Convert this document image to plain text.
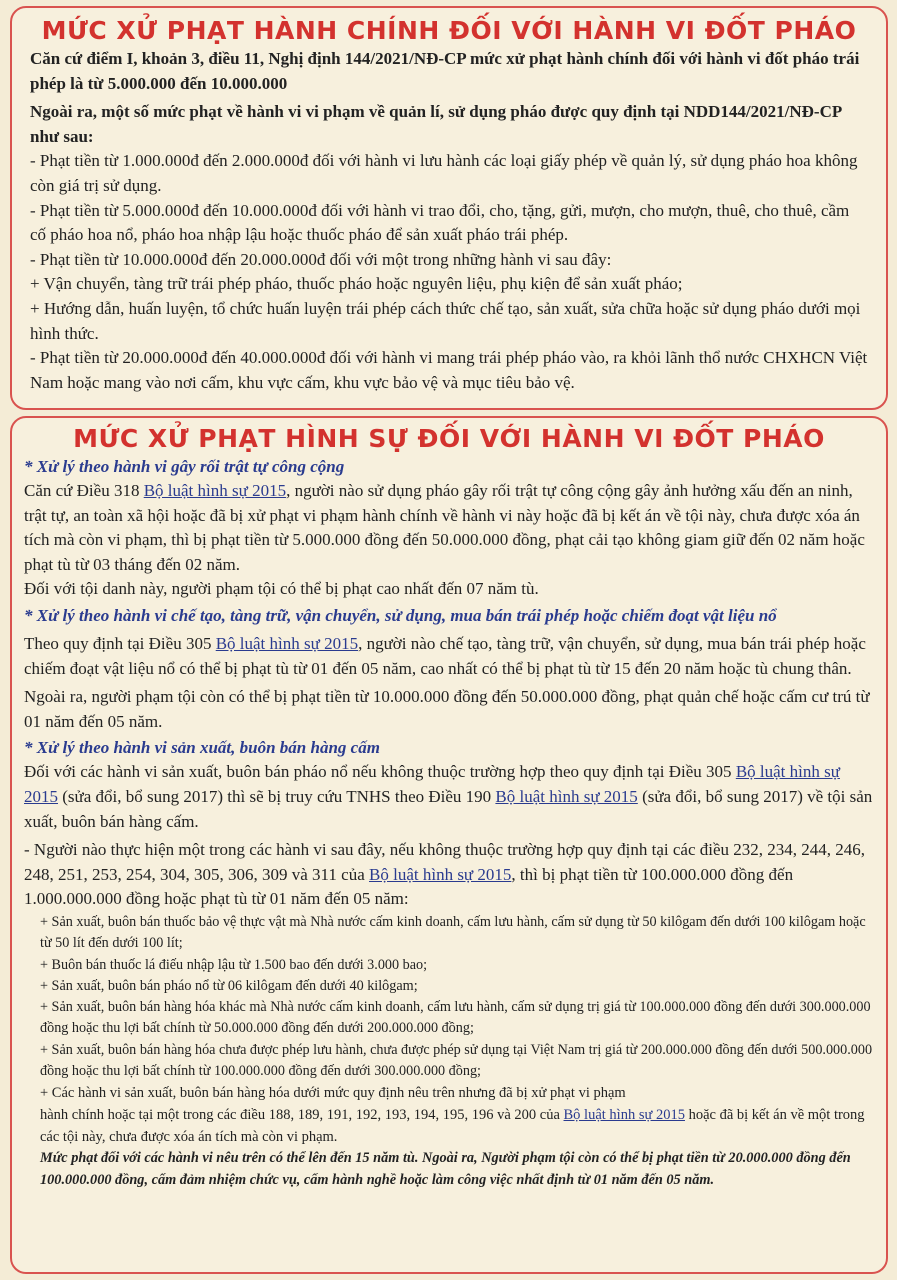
MỨC XỬ PHẠT HÀNH CHÍNH ĐỐI VỚI HÀNH VI ĐỐT PHÁO

Căn cứ điểm I, khoản 3, điều 11, Nghị định 144/2021/NĐ-CP mức xử phạt hành chính đối với hành vi đốt pháo trái phép là từ 5.000.000 đến 10.000.000

Ngoài ra, một số mức phạt về hành vi vi phạm về quản lí, sử dụng pháo được quy định tại NDD144/2021/NĐ-CP như sau:

- Phạt tiền từ 1.000.000đ đến 2.000.000đ đối với hành vi lưu hành các loại giấy phép về quản lý, sử dụng pháo hoa không còn giá trị sử dụng.

- Phạt tiền từ 5.000.000đ đến 10.000.000đ đối với hành vi trao đổi, cho, tặng, gửi, mượn, cho mượn, thuê, cho thuê, cầm cố pháo hoa nổ, pháo hoa nhập lậu hoặc thuốc pháo để sản xuất pháo trái phép.

- Phạt tiền từ 10.000.000đ đến 20.000.000đ đối với một trong những hành vi sau đây:

+ Vận chuyển, tàng trữ trái phép pháo, thuốc pháo hoặc nguyên liệu, phụ kiện để sản xuất pháo;

+ Hướng dẫn, huấn luyện, tổ chức huấn luyện trái phép cách thức chế tạo, sản xuất, sửa chữa hoặc sử dụng pháo dưới mọi hình thức.

- Phạt tiền từ 20.000.000đ đến 40.000.000đ đối với hành vi mang trái phép pháo vào, ra khỏi lãnh thổ nước CHXHCN Việt Nam hoặc mang vào nơi cấm, khu vực cấm, khu vực bảo vệ và mục tiêu bảo vệ.

MỨC XỬ PHẠT HÌNH SỰ ĐỐI VỚI HÀNH VI ĐỐT PHÁO

* Xử lý theo hành vi gây rối trật tự công cộng

Căn cứ Điều 318 Bộ luật hình sự 2015, người nào sử dụng pháo gây rối trật tự công cộng gây ảnh hưởng xấu đến an ninh, trật tự, an toàn xã hội hoặc đã bị xử phạt vi phạm hành chính về hành vi này hoặc đã bị kết án về tội này, chưa được xóa án tích mà còn vi phạm, thì bị phạt tiền từ 5.000.000 đồng đến 50.000.000 đồng, phạt cải tạo không giam giữ đến 02 năm hoặc phạt tù từ 03 tháng đến 02 năm.

Đối với tội danh này, người phạm tội có thể bị phạt cao nhất đến 07 năm tù.

* Xử lý theo hành vi chế tạo, tàng trữ, vận chuyển, sử dụng, mua bán trái phép hoặc chiếm đoạt vật liệu nổ

Theo quy định tại Điều 305 Bộ luật hình sự 2015, người nào chế tạo, tàng trữ, vận chuyển, sử dụng, mua bán trái phép hoặc chiếm đoạt vật liệu nổ có thể bị phạt tù từ 01 đến 05 năm, cao nhất có thể bị phạt tù từ 15 đến 20 năm hoặc tù chung thân.

Ngoài ra, người phạm tội còn có thể bị phạt tiền từ 10.000.000 đồng đến 50.000.000 đồng, phạt quản chế hoặc cấm cư trú từ 01 năm đến 05 năm.

* Xử lý theo hành vi sản xuất, buôn bán hàng cấm

Đối với các hành vi sản xuất, buôn bán pháo nổ nếu không thuộc trường hợp theo quy định tại Điều 305 Bộ luật hình sự 2015 (sửa đổi, bổ sung 2017) thì sẽ bị truy cứu TNHS theo Điều 190 Bộ luật hình sự 2015 (sửa đổi, bổ sung 2017) về tội sản xuất, buôn bán hàng cấm.

- Người nào thực hiện một trong các hành vi sau đây, nếu không thuộc trường hợp quy định tại các điều 232, 234, 244, 246, 248, 251, 253, 254, 304, 305, 306, 309 và 311 của Bộ luật hình sự 2015, thì bị phạt tiền từ 100.000.000 đồng đến 1.000.000.000 đồng hoặc phạt tù từ 01 năm đến 05 năm:

+ Sản xuất, buôn bán thuốc bảo vệ thực vật mà Nhà nước cấm kinh doanh, cấm lưu hành, cấm sử dụng từ 50 kilôgam đến dưới 100 kilôgam hoặc từ 50 lít đến dưới 100 lít;

+ Buôn bán thuốc lá điếu nhập lậu từ 1.500 bao đến dưới 3.000 bao;

+ Sản xuất, buôn bán pháo nổ từ 06 kilôgam đến dưới 40 kilôgam;

+ Sản xuất, buôn bán hàng hóa khác mà Nhà nước cấm kinh doanh, cấm lưu hành, cấm sử dụng trị giá từ 100.000.000 đồng đến dưới 300.000.000 đồng hoặc thu lợi bất chính từ 50.000.000 đồng đến dưới 200.000.000 đồng;

+ Sản xuất, buôn bán hàng hóa chưa được phép lưu hành, chưa được phép sử dụng tại Việt Nam trị giá từ 200.000.000 đồng đến dưới 500.000.000 đồng hoặc thu lợi bất chính từ 100.000.000 đồng đến dưới 300.000.000 đồng;

+ Các hành vi sản xuất, buôn bán hàng hóa dưới mức quy định nêu trên nhưng đã bị xử phạt vi phạm

hành chính hoặc tại một trong các điều 188, 189, 191, 192, 193, 194, 195, 196 và 200 của Bộ luật hình sự 2015 hoặc đã bị kết án về một trong các tội này, chưa được xóa án tích mà còn vi phạm.

Mức phạt đối với các hành vi nêu trên có thể lên đến 15 năm tù. Ngoài ra, Người phạm tội còn có thể bị phạt tiền từ 20.000.000 đồng đến 100.000.000 đồng, cấm đảm nhiệm chức vụ, cấm hành nghề hoặc làm công việc nhất định từ 01 năm đến 05 năm.
